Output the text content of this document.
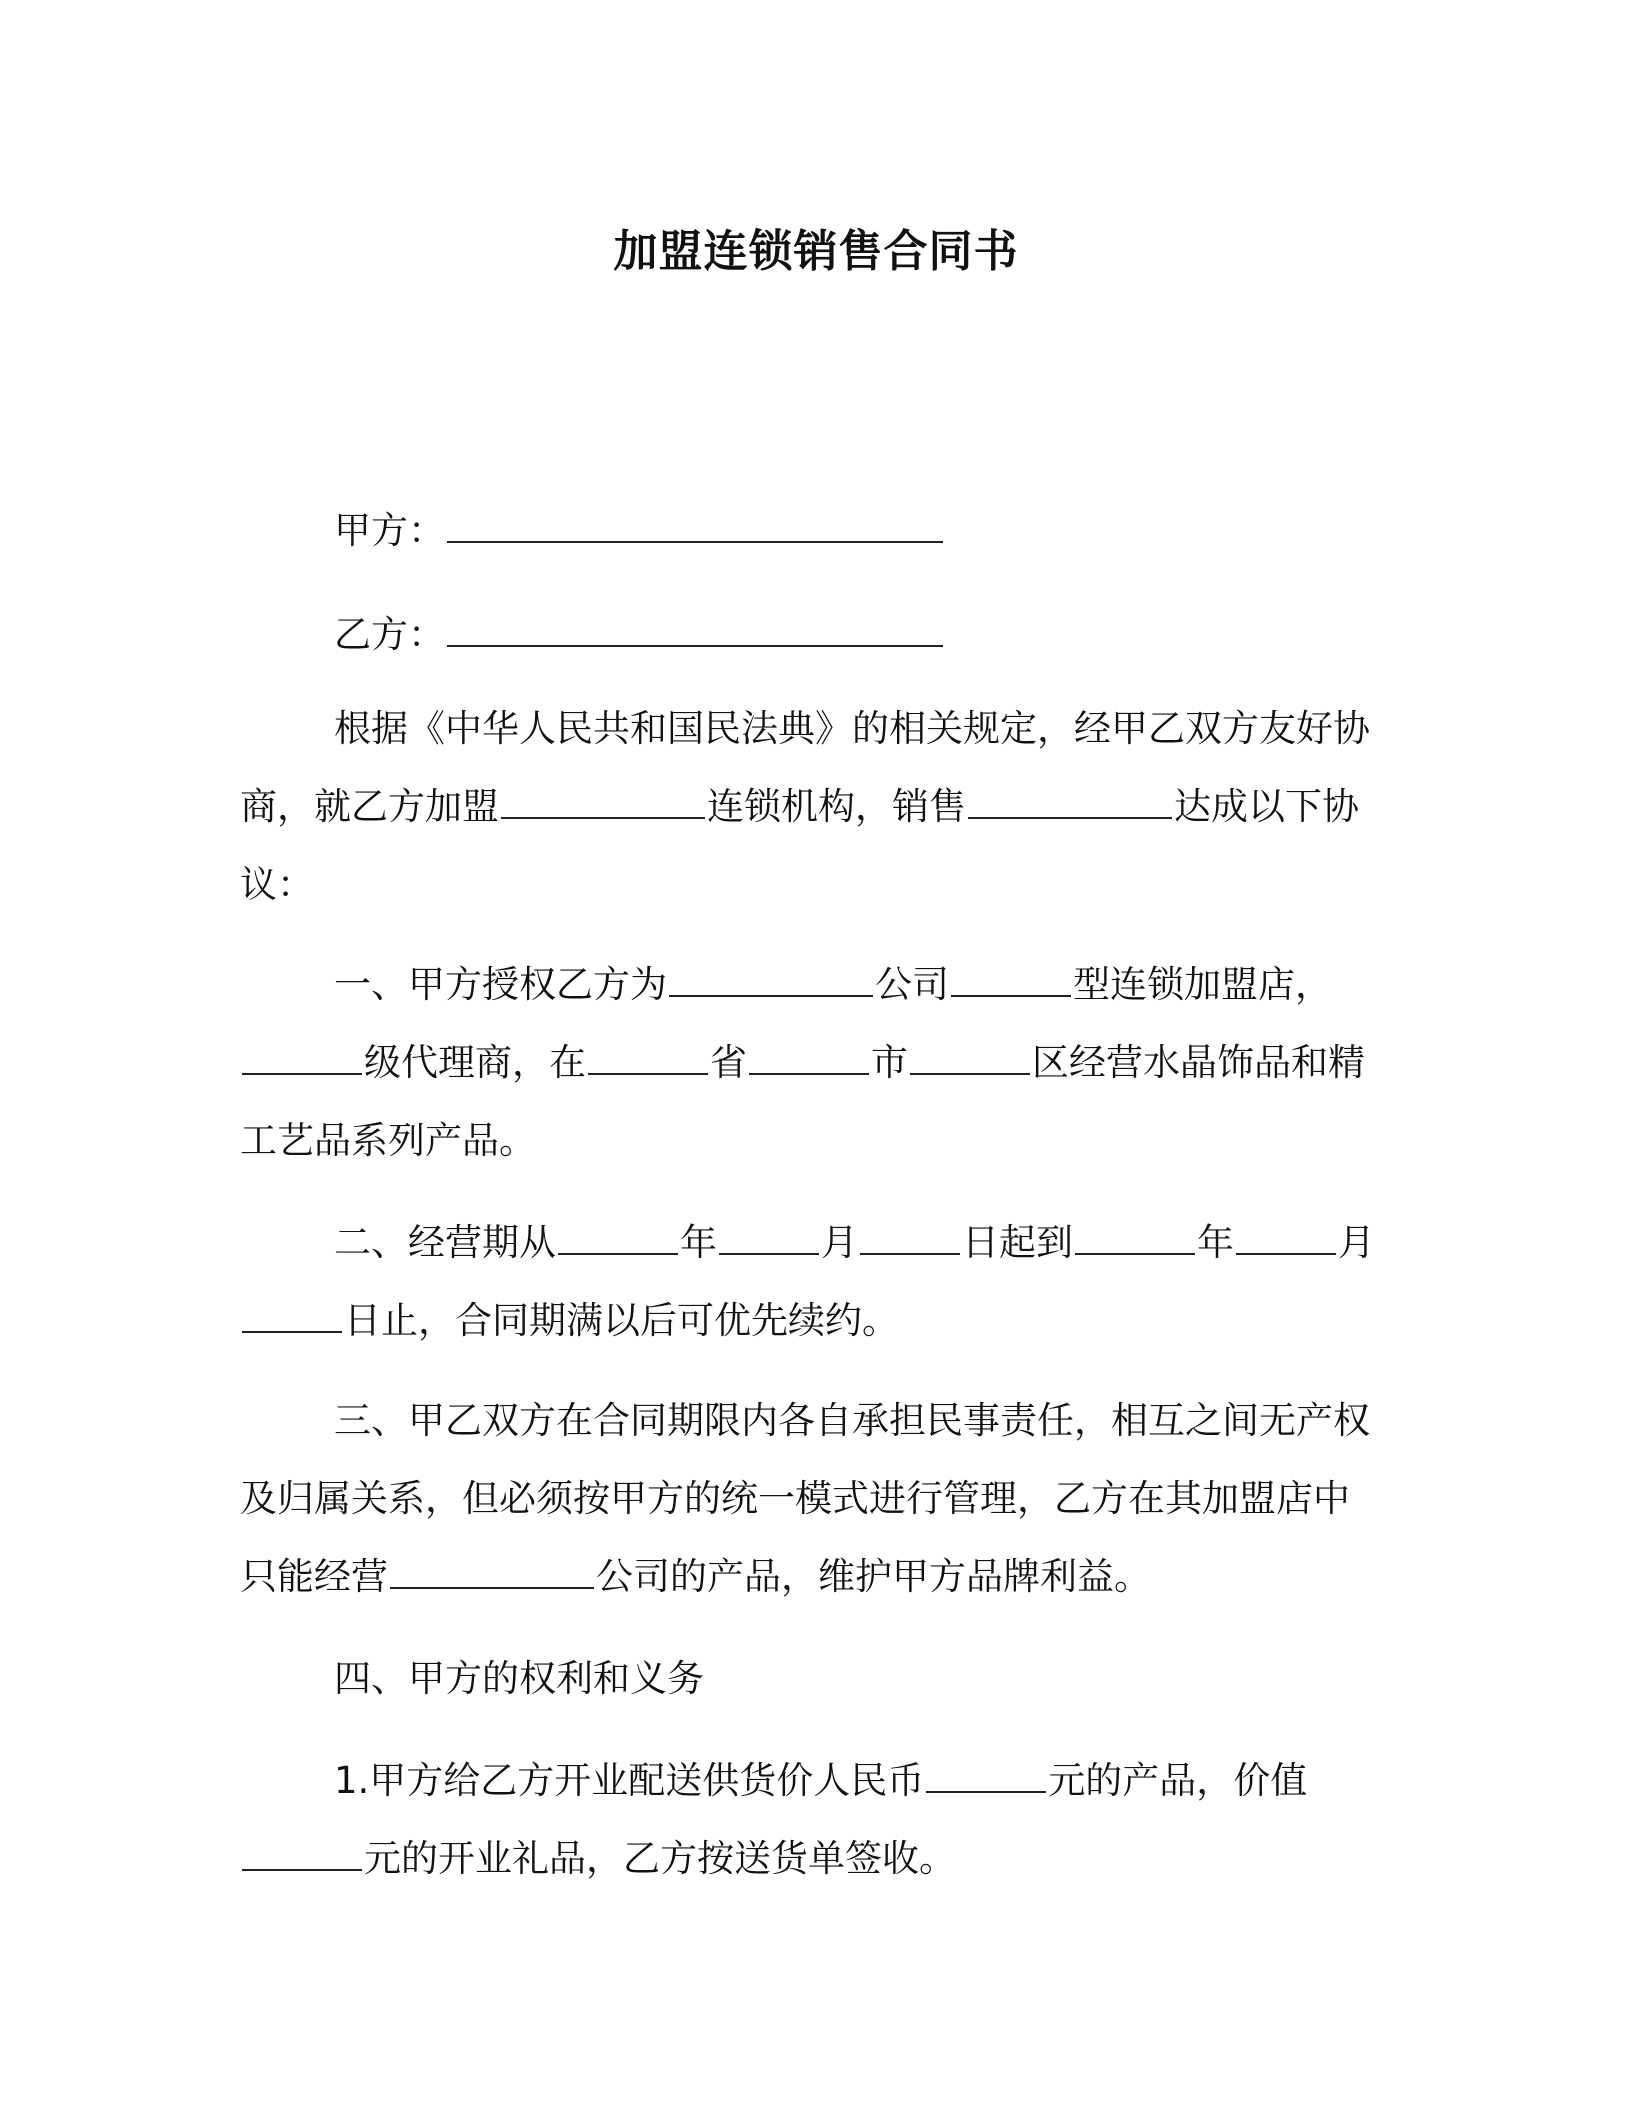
加盟连锁销售合同书
甲方：
乙方：
根据《中华人民共和国民法典》的相关规定，经甲乙双方友好协商，就乙方加盟	连锁机构，销售	达成以下协议：
一、甲方授权乙方为	公司	型连锁加盟店，级代理商，在	省	市	区经营水晶饰品和精工艺品系列产品。
二、经营期从	年	月	日起到	年	月日止，合同期满以后可优先续约。
三、甲乙双方在合同期限内各自承担民事责任，相互之间无产权及归属关系，但必须按甲方的统一模式进行管理，乙方在其加盟店中只能经营	公司的产品，维护甲方品牌利益。
四、甲方的权利和义务
1.甲方给乙方开业配送供货价人民币	元的产品，价值元的开业礼品，乙方按送货单签收。
